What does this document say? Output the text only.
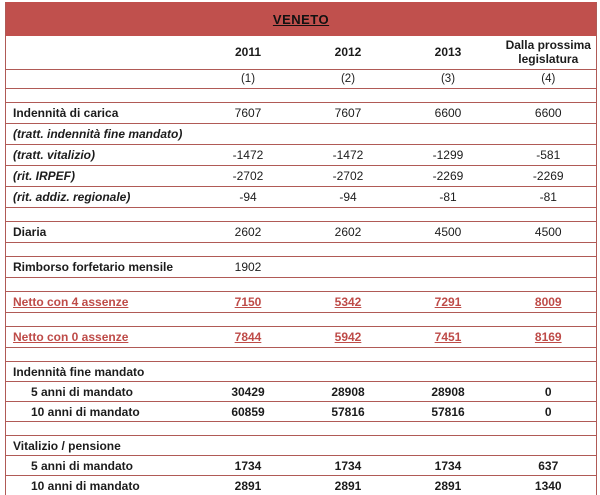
VENETO				
	2011	2012	2013	Dalla prossima legislatura
	(1)	(2)	(3)	(4)

Indennità di carica	7607	7607	6600	6600
(tratt. indennità fine mandato)				
(tratt. vitalizio)	-1472	-1472	-1299	-581
(rit. IRPEF)	-2702	-2702	-2269	-2269
(rit. addiz. regionale)	-94	-94	-81	-81

Diaria	2602	2602	4500	4500

Rimborso forfetario mensile	1902			

Netto con 4 assenze	7150	5342	7291	8009

Netto con 0 assenze	7844	5942	7451	8169

Indennità fine mandato				
5 anni di mandato	30429	28908	28908	0
10 anni di mandato	60859	57816	57816	0

Vitalizio / pensione				
5 anni di mandato	1734	1734	1734	637
10 anni di mandato	2891	2891	2891	1340
